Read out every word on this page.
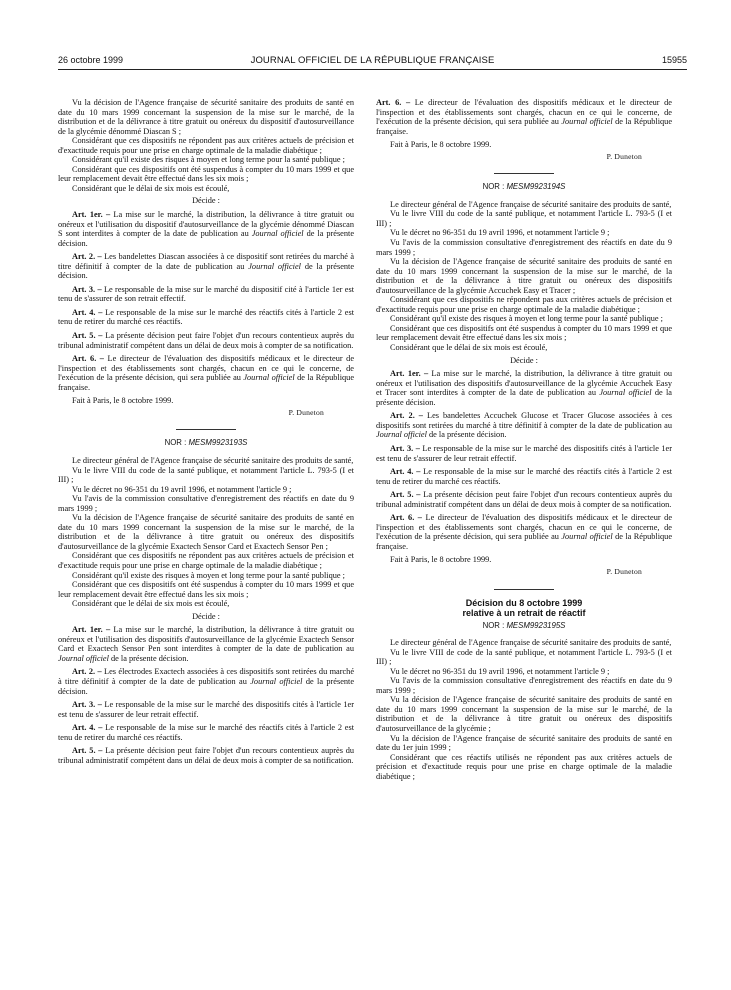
26 octobre 1999	JOURNAL OFFICIEL DE LA RÉPUBLIQUE FRANÇAISE	15955

Vu la décision de l'Agence française de sécurité sanitaire des produits de santé en date du 10 mars 1999 concernant la suspension de la mise sur le marché, de la distribution et de la délivrance à titre gratuit ou onéreux du dispositif d'autosurveillance de la glycémie dénommé Diascan S ;

Considérant que ces dispositifs ne répondent pas aux critères actuels de précision et d'exactitude requis pour une prise en charge optimale de la maladie diabétique ;

Considérant qu'il existe des risques à moyen et long terme pour la santé publique ;

Considérant que ces dispositifs ont été suspendus à compter du 10 mars 1999 et que leur remplacement devait être effectué dans les six mois ;

Considérant que le délai de six mois est écoulé,

Décide :

Art. 1er. – La mise sur le marché, la distribution, la délivrance à titre gratuit ou onéreux et l'utilisation du dispositif d'autosurveillance de la glycémie dénommé Diascan S sont interdites à compter de la date de publication au Journal officiel de la présente décision.

Art. 2. – Les bandelettes Diascan associées à ce dispositif sont retirées du marché à titre définitif à compter de la date de publication au Journal officiel de la présente décision.

Art. 3. – Le responsable de la mise sur le marché du dispositif cité à l'article 1er est tenu de s'assurer de son retrait effectif.

Art. 4. – Le responsable de la mise sur le marché des réactifs cités à l'article 2 est tenu de retirer du marché ces réactifs.

Art. 5. – La présente décision peut faire l'objet d'un recours contentieux auprès du tribunal administratif compétent dans un délai de deux mois à compter de sa notification.

Art. 6. – Le directeur de l'évaluation des dispositifs médicaux et le directeur de l'inspection et des établissements sont chargés, chacun en ce qui le concerne, de l'exécution de la présente décision, qui sera publiée au Journal officiel de la République française.

Fait à Paris, le 8 octobre 1999.

P. Duneton

NOR : MESM9923193S

Le directeur général de l'Agence française de sécurité sanitaire des produits de santé,

Vu le livre VIII du code de la santé publique, et notamment l'article L. 793-5 (I et III) ;

Vu le décret no 96-351 du 19 avril 1996, et notamment l'article 9 ;

Vu l'avis de la commission consultative d'enregistrement des réactifs en date du 9 mars 1999 ;

Vu la décision de l'Agence française de sécurité sanitaire des produits de santé en date du 10 mars 1999 concernant la suspension de la mise sur le marché, de la distribution et de la délivrance à titre gratuit ou onéreux des dispositifs d'autosurveillance de la glycémie Exactech Sensor Card et Exactech Sensor Pen ;

Considérant que ces dispositifs ne répondent pas aux critères actuels de précision et d'exactitude requis pour une prise en charge optimale de la maladie diabétique ;

Considérant qu'il existe des risques à moyen et long terme pour la santé publique ;

Considérant que ces dispositifs ont été suspendus à compter du 10 mars 1999 et que leur remplacement devait être effectué dans les six mois ;

Considérant que le délai de six mois est écoulé,

Décide :

Art. 1er. – La mise sur le marché, la distribution, la délivrance à titre gratuit ou onéreux et l'utilisation des dispositifs d'autosurveillance de la glycémie Exactech Sensor Card et Exactech Sensor Pen sont interdites à compter de la date de publication au Journal officiel de la présente décision.

Art. 2. – Les électrodes Exactech associées à ces dispositifs sont retirées du marché à titre définitif à compter de la date de publication au Journal officiel de la présente décision.

Art. 3. – Le responsable de la mise sur le marché des dispositifs cités à l'article 1er est tenu de s'assurer de leur retrait effectif.

Art. 4. – Le responsable de la mise sur le marché des réactifs cités à l'article 2 est tenu de retirer du marché ces réactifs.

Art. 5. – La présente décision peut faire l'objet d'un recours contentieux auprès du tribunal administratif compétent dans un délai de deux mois à compter de sa notification.

Art. 6. – Le directeur de l'évaluation des dispositifs médicaux et le directeur de l'inspection et des établissements sont chargés, chacun en ce qui le concerne, de l'exécution de la présente décision, qui sera publiée au Journal officiel de la République française.

Fait à Paris, le 8 octobre 1999.

P. Duneton

NOR : MESM9923194S

Le directeur général de l'Agence française de sécurité sanitaire des produits de santé,

Vu le livre VIII du code de la santé publique, et notamment l'article L. 793-5 (I et III) ;

Vu le décret no 96-351 du 19 avril 1996, et notamment l'article 9 ;

Vu l'avis de la commission consultative d'enregistrement des réactifs en date du 9 mars 1999 ;

Vu la décision de l'Agence française de sécurité sanitaire des produits de santé en date du 10 mars 1999 concernant la suspension de la mise sur le marché, de la distribution et de la délivrance à titre gratuit ou onéreux des dispositifs d'autosurveillance de la glycémie Accuchek Easy et Tracer ;

Considérant que ces dispositifs ne répondent pas aux critères actuels de précision et d'exactitude requis pour une prise en charge optimale de la maladie diabétique ;

Considérant qu'il existe des risques à moyen et long terme pour la santé publique ;

Considérant que ces dispositifs ont été suspendus à compter du 10 mars 1999 et que leur remplacement devait être effectué dans les six mois ;

Considérant que le délai de six mois est écoulé,

Décide :

Art. 1er. – La mise sur le marché, la distribution, la délivrance à titre gratuit ou onéreux et l'utilisation des dispositifs d'autosurveillance de la glycémie Accuchek Easy et Tracer sont interdites à compter de la date de publication au Journal officiel de la présente décision.

Art. 2. – Les bandelettes Accuchek Glucose et Tracer Glucose associées à ces dispositifs sont retirées du marché à titre définitif à compter de la date de publication au Journal officiel de la présente décision.

Art. 3. – Le responsable de la mise sur le marché des dispositifs cités à l'article 1er est tenu de s'assurer de leur retrait effectif.

Art. 4. – Le responsable de la mise sur le marché des réactifs cités à l'article 2 est tenu de retirer du marché ces réactifs.

Art. 5. – La présente décision peut faire l'objet d'un recours contentieux auprès du tribunal administratif compétent dans un délai de deux mois à compter de sa notification.

Art. 6. – Le directeur de l'évaluation des dispositifs médicaux et le directeur de l'inspection et des établissements sont chargés, chacun en ce qui le concerne, de l'exécution de la présente décision, qui sera publiée au Journal officiel de la République française.

Fait à Paris, le 8 octobre 1999.

P. Duneton

Décision du 8 octobre 1999
relative à un retrait de réactif

NOR : MESM9923195S

Le directeur général de l'Agence française de sécurité sanitaire des produits de santé,

Vu le livre VIII de code de la santé publique, et notamment l'article L. 793-5 (I et III) ;

Vu le décret no 96-351 du 19 avril 1996, et notamment l'article 9 ;

Vu l'avis de la commission consultative d'enregistrement des réactifs en date du 9 mars 1999 ;

Vu la décision de l'Agence française de sécurité sanitaire des produits de santé en date du 10 mars 1999 concernant la suspension de la mise sur le marché, de la distribution et de la délivrance à titre gratuit ou onéreux des dispositifs d'autosurveillance de la glycémie ;

Vu la décision de l'Agence française de sécurité sanitaire des produits de santé en date du 1er juin 1999 ;

Considérant que ces réactifs utilisés ne répondent pas aux critères actuels de précision et d'exactitude requis pour une prise en charge optimale de la maladie diabétique ;
